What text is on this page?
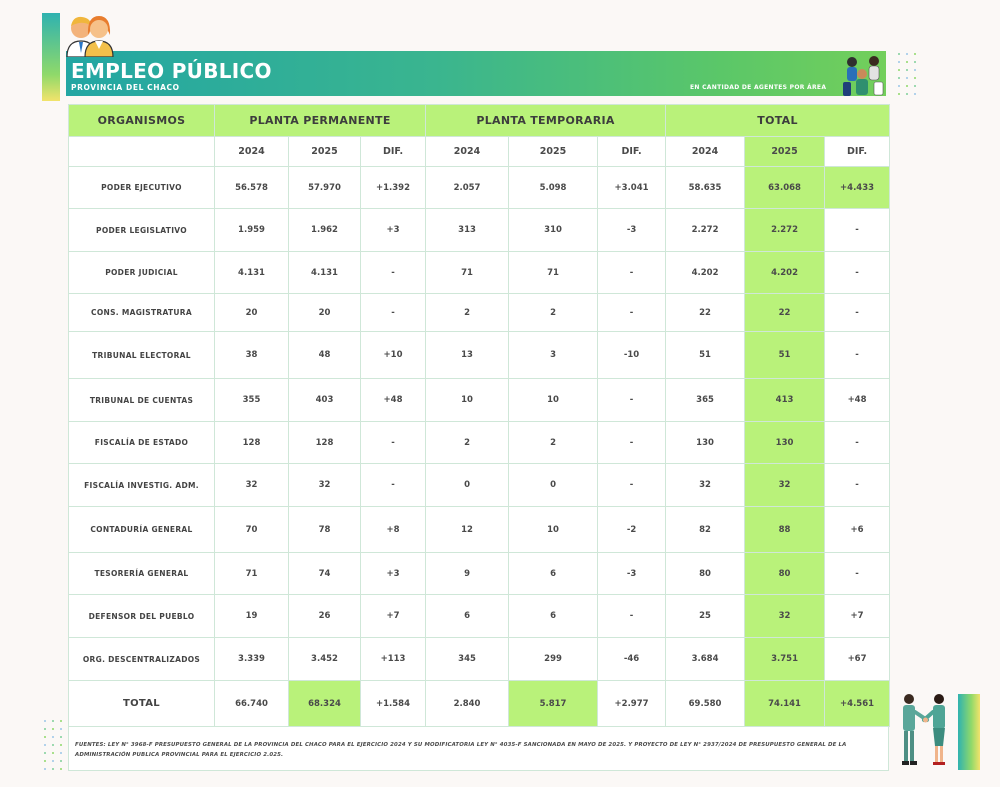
EMPLEO PÚBLICO
PROVINCIA DEL CHACO	EN CANTIDAD DE AGENTES POR ÁREA
ORGANISMOS	PLANTA PERMANENTE			PLANTA TEMPORARIA			TOTAL		
	2024	2025	DIF.	2024	2025	DIF.	2024	2025	DIF.
PODER EJECUTIVO	56.578	57.970	+1.392	2.057	5.098	+3.041	58.635	63.068	+4.433
PODER LEGISLATIVO	1.959	1.962	+3	313	310	-3	2.272	2.272	-
PODER JUDICIAL	4.131	4.131	-	71	71	-	4.202	4.202	-
CONS. MAGISTRATURA	20	20	-	2	2	-	22	22	-
TRIBUNAL ELECTORAL	38	48	+10	13	3	-10	51	51	-
TRIBUNAL DE CUENTAS	355	403	+48	10	10	-	365	413	+48
FISCALÍA DE ESTADO	128	128	-	2	2	-	130	130	-
FISCALÍA INVESTIG. ADM.	32	32	-	0	0	-	32	32	-
CONTADURÍA GENERAL	70	78	+8	12	10	-2	82	88	+6
TESORERÍA GENERAL	71	74	+3	9	6	-3	80	80	-
DEFENSOR DEL PUEBLO	19	26	+7	6	6	-	25	32	+7
ORG. DESCENTRALIZADOS	3.339	3.452	+113	345	299	-46	3.684	3.751	+67
TOTAL	66.740	68.324	+1.584	2.840	5.817	+2.977	69.580	74.141	+4.561
FUENTES: LEY N° 3968-F PRESUPUESTO GENERAL DE LA PROVINCIA DEL CHACO PARA EL EJERCICIO 2024 Y SU MODIFICATORIA LEY N° 4035-F SANCIONADA EN MAYO DE 2025. Y PROYECTO DE LEY N° 2937/2024 DE PRESUPUESTO GENERAL DE LA ADMINISTRACIÓN PUBLICA PROVINCIAL PARA EL EJERCICIO 2.025.
